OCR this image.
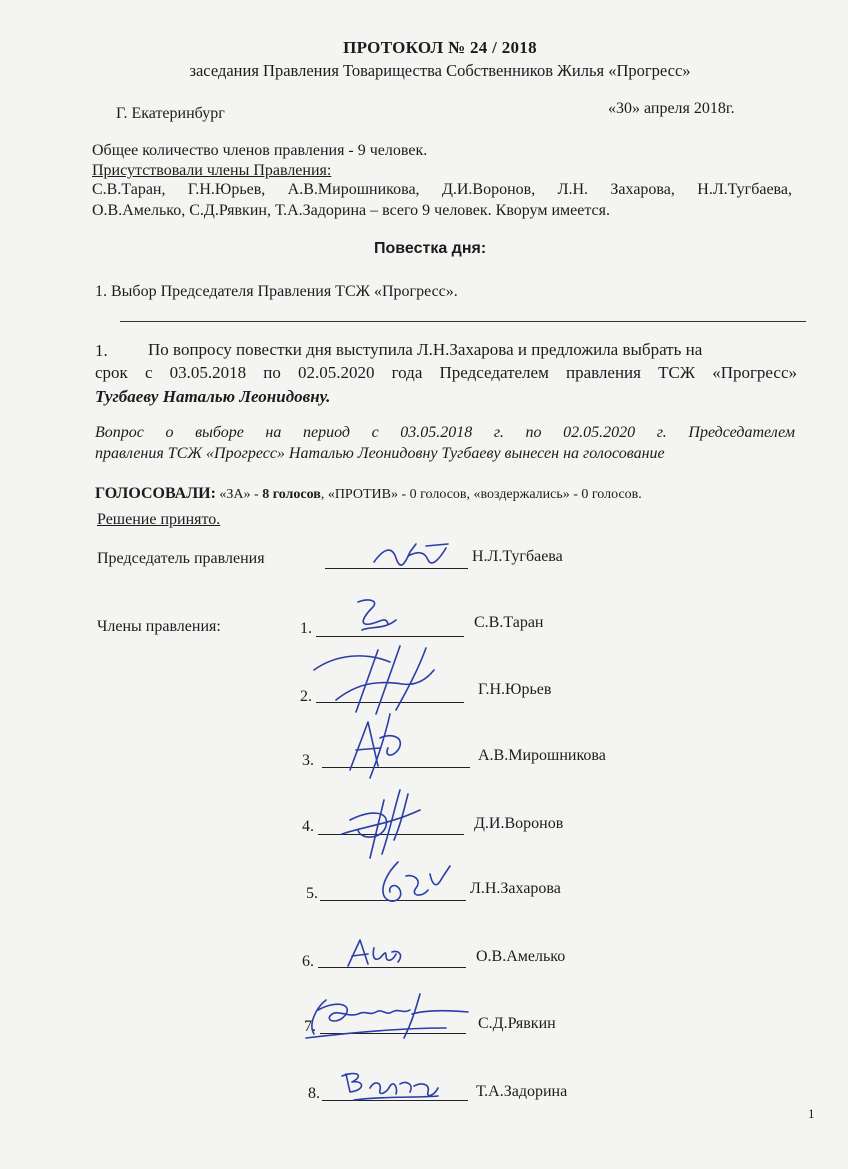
ПРОТОКОЛ № 24 / 2018
заседания Правления Товарищества Собственников Жилья «Прогресс»
Г. Екатеринбург	«30» апреля 2018г.
Общее количество членов правления - 9 человек.
Присутствовали члены Правления:
С.В.Таран, Г.Н.Юрьев, А.В.Мирошникова, Д.И.Воронов, Л.Н. Захарова, Н.Л.Тугбаева,
О.В.Амелько, С.Д.Рявкин, Т.А.Задорина – всего 9 человек. Кворум имеется.
Повестка дня:
1. Выбор Председателя Правления ТСЖ «Прогресс».
1. По вопросу повестки дня выступила Л.Н.Захарова и предложила выбрать на
срок с 03.05.2018 по 02.05.2020 года Председателем правления ТСЖ «Прогресс»
Тугбаеву Наталью Леонидовну.
Вопрос о выборе на период с 03.05.2018 г. по 02.05.2020 г. Председателем
правления ТСЖ «Прогресс» Наталью Леонидовну Тугбаеву вынесен на голосование
ГОЛОСОВАЛИ: «ЗА» - 8 голосов, «ПРОТИВ» - 0 голосов, «воздержались» - 0 голосов.
Решение принято.
Председатель правления	Н.Л.Тугбаева
Члены правления:	1.	С.В.Таран
2.	Г.Н.Юрьев
3.	А.В.Мирошникова
4.	Д.И.Воронов
5.	Л.Н.Захарова
6.	О.В.Амелько
7.	С.Д.Рявкин
8.	Т.А.Задорина
1
